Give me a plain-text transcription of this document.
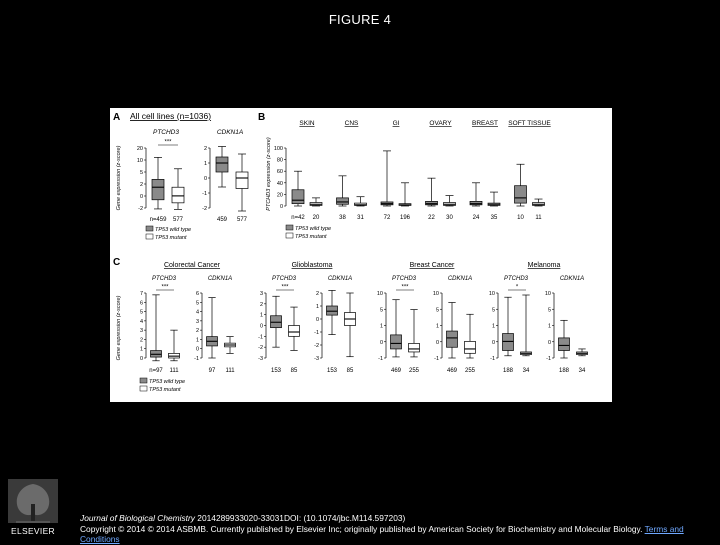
FIGURE 4
A All cell lines (n=1036)	B
C
Gene expression (z-score)
PTCHD3
20
10
5
2
0
-2
n=459 577
***
CDKN1A
2
1
0
-1
-2
459 577
TP53 wild type
TP53 mutant
PTCHD3 expression (z-score) 100
80
60
40
20
0
SKIN
n=42 20
CNS
38 31
GI
72 196
OVARY
22 30
BREAST
24 35
SOFT TISSUE
10 11
TP53 wild type
TP53 mutant
Gene expression (z-score)
Colorectal Cancer
PTCHD3
7
6
5
4
3
2
1
0
n=97 111
***
CDKN1A
6
5
4
3
2
1
0
-1
97 111
Glioblastoma
PTCHD3
3
2
1
0
-1
-2
-3
153 85
***
CDKN1A
2
1
0
-1
-2
-3
153 85
Breast Cancer
PTCHD3
10
5
1
0
-1
469 255
***
CDKN1A
10
5
1
0
-1
469 255
Melanoma
PTCHD3
10
5
1
0
-1
188 34
*
CDKN1A
10
5
1
0
-1
188 34
TP53 wild type
TP53 mutant
ELSEVIER
Journal of Biological Chemistry 2014289933020-33031DOI: (10.1074/jbc.M114.597203)
Copyright © 2014 © 2014 ASBMB. Currently published by Elsevier Inc; originally published by American Society for Biochemistry and Molecular Biology. Terms and Conditions
